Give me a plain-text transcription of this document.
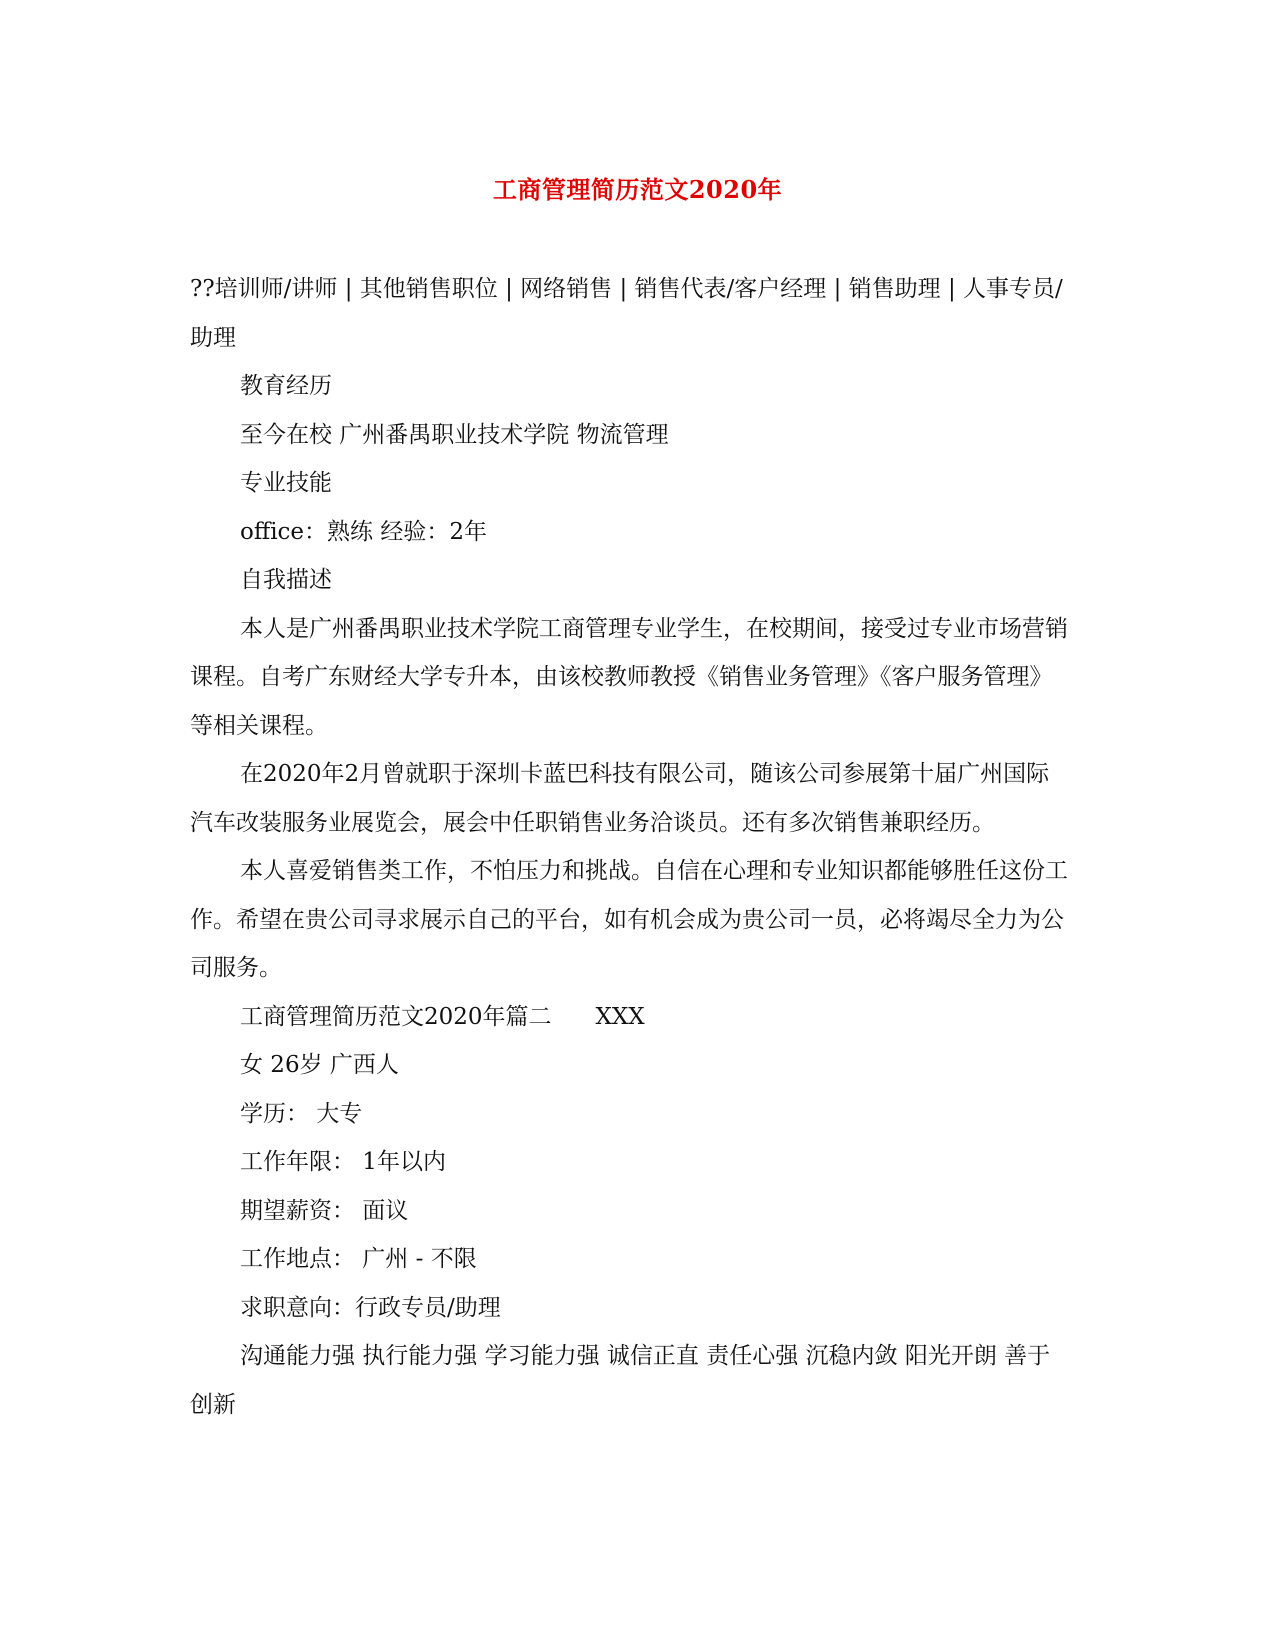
工商管理简历范文2020年

??培训师/讲师 | 其他销售职位 | 网络销售 | 销售代表/客户经理 | 销售助理 | 人事专员/助理

教育经历

至今在校 广州番禺职业技术学院 物流管理

专业技能

office：熟练 经验：2年

自我描述

本人是广州番禺职业技术学院工商管理专业学生，在校期间，接受过专业市场营销课程。自考广东财经大学专升本，由该校教师教授《销售业务管理》《客户服务管理》等相关课程。

在2020年2月曾就职于深圳卡蓝巴科技有限公司，随该公司参展第十届广州国际汽车改装服务业展览会，展会中任职销售业务洽谈员。还有多次销售兼职经历。

本人喜爱销售类工作，不怕压力和挑战。自信在心理和专业知识都能够胜任这份工作。希望在贵公司寻求展示自己的平台，如有机会成为贵公司一员，必将竭尽全力为公司服务。

工商管理简历范文2020年篇二 XXX

女 26岁 广西人

学历： 大专

工作年限： 1年以内

期望薪资： 面议

工作地点： 广州 - 不限

求职意向：行政专员/助理

沟通能力强 执行能力强 学习能力强 诚信正直 责任心强 沉稳内敛 阳光开朗 善于创新
